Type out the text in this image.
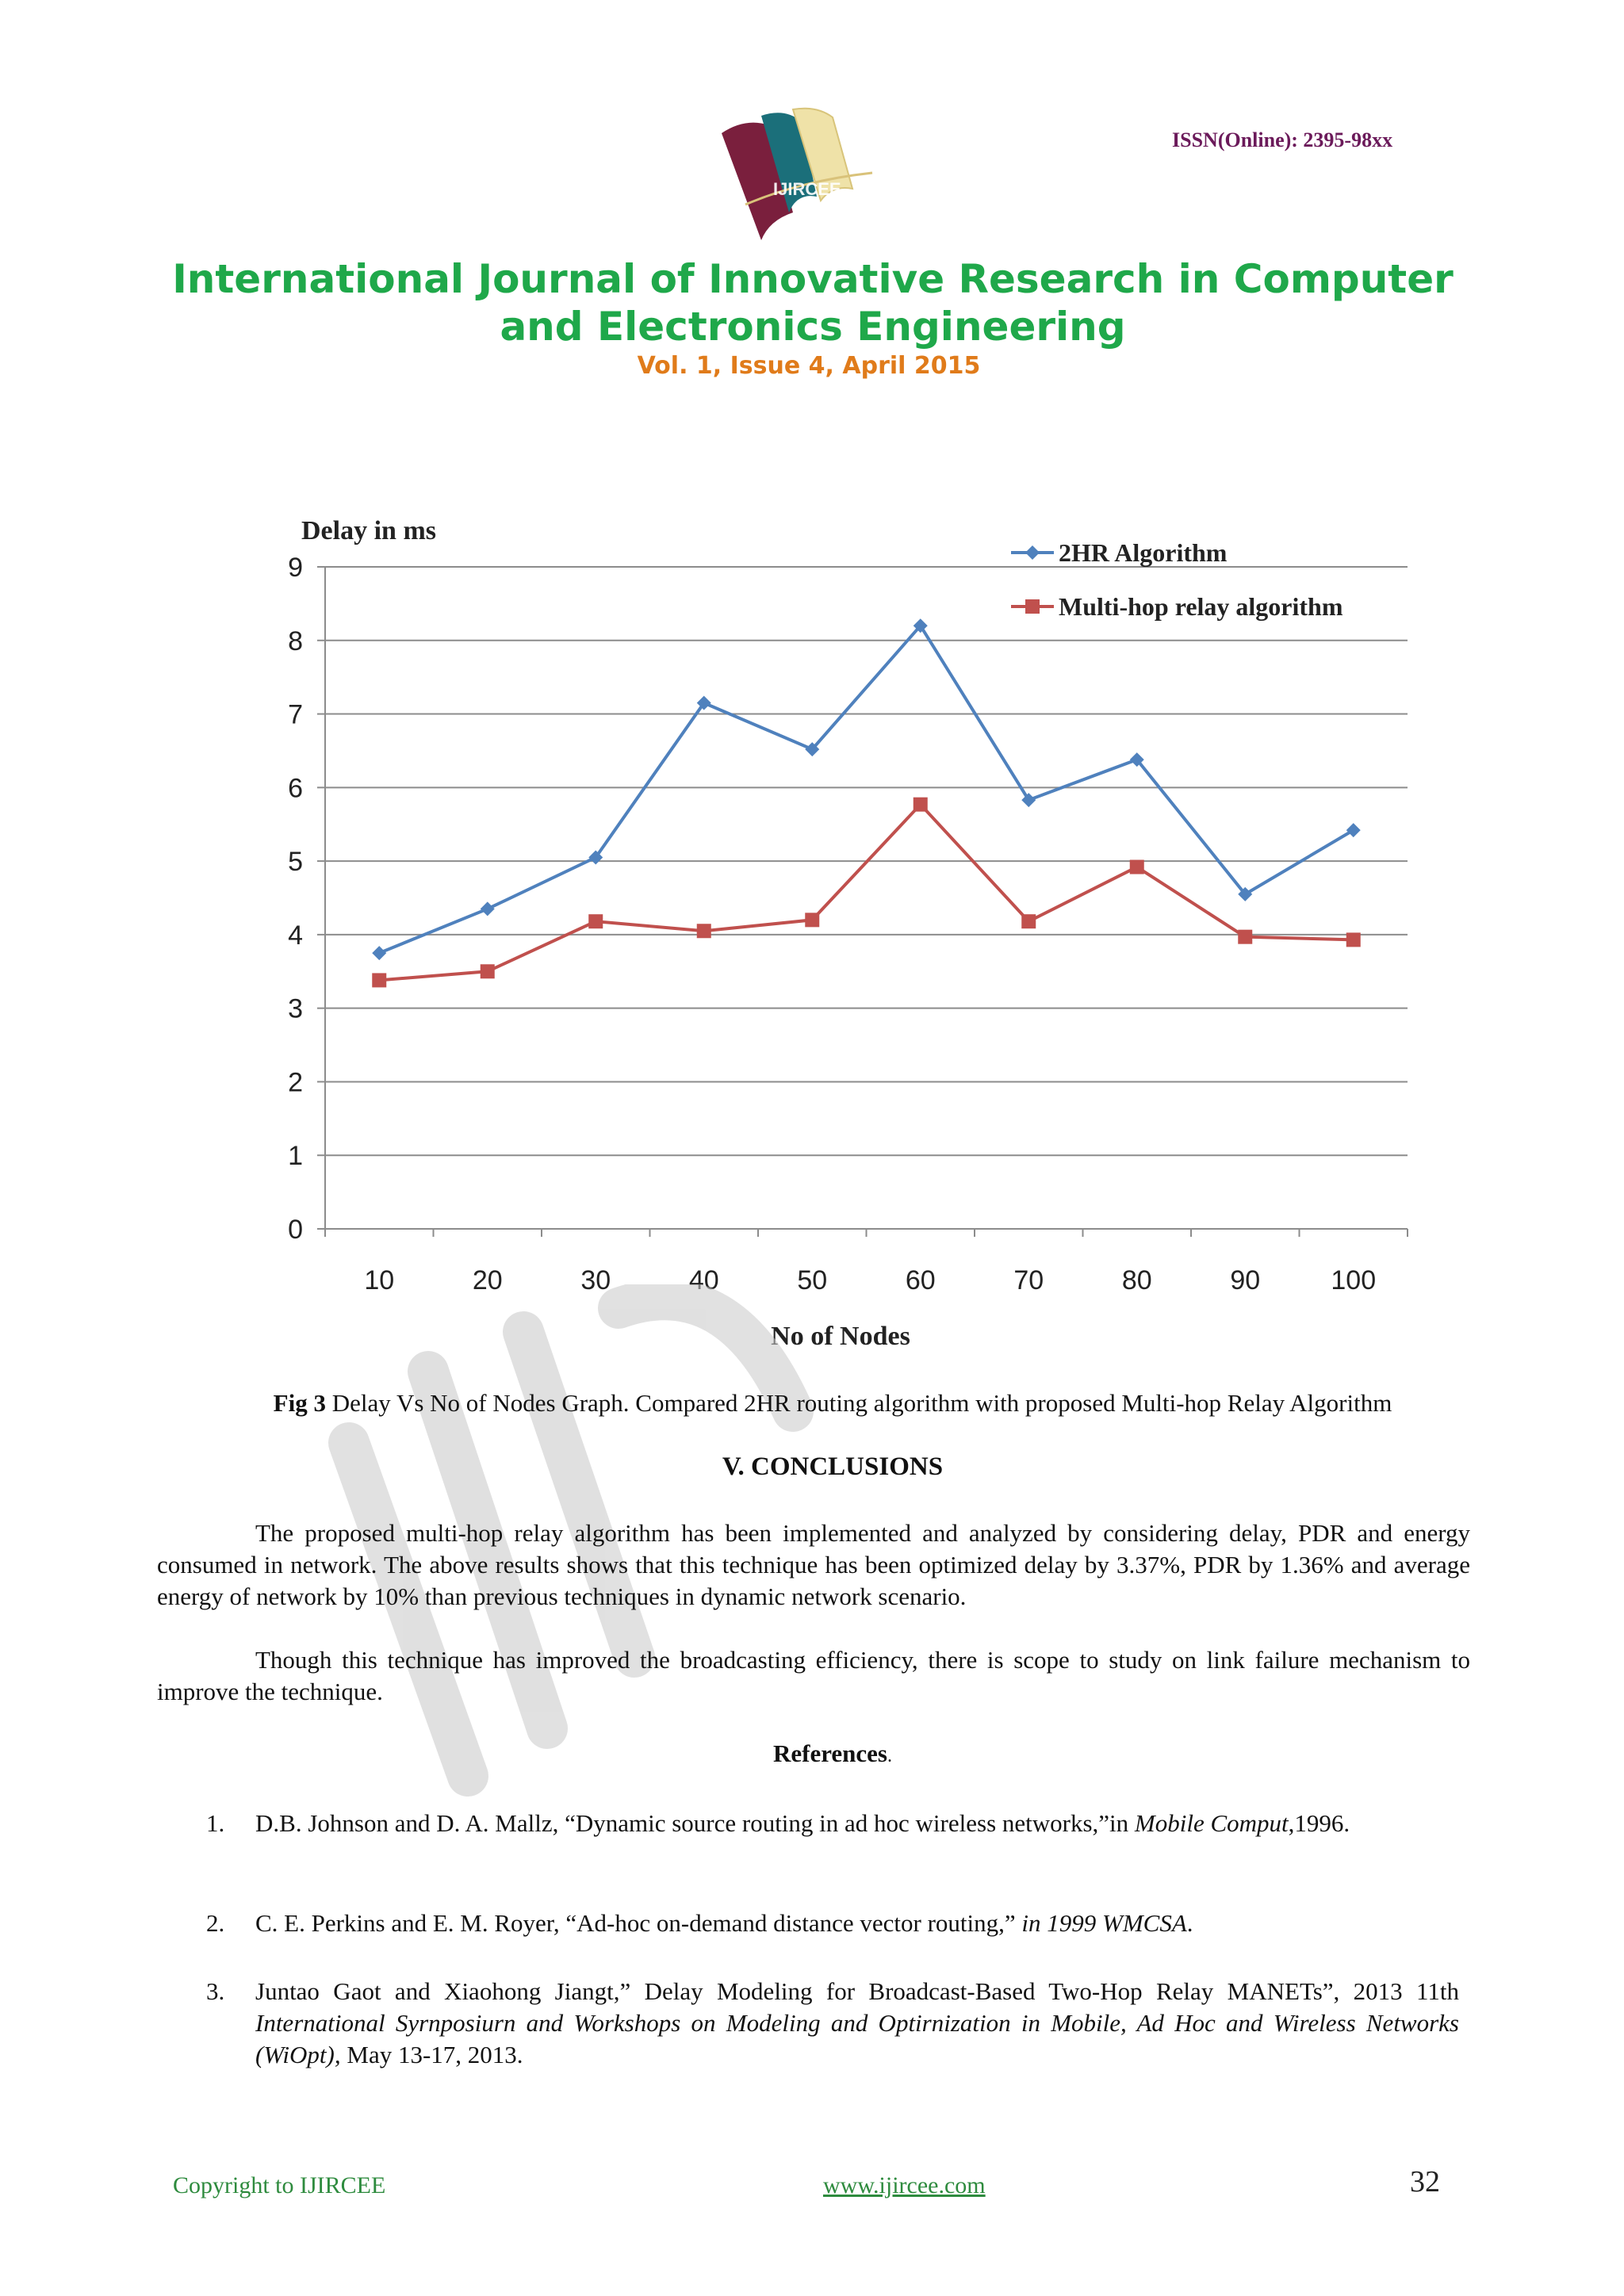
IJIRCEE
ISSN(Online): 2395-98xx
International Journal of Innovative Research in Computer
and Electronics Engineering
Vol. 1, Issue 4, April 2015
0
1
2
3
4
5
6
7
8
9
10	20	30	40	50	60	70	80	90	100
2HR Algorithm
Multi-hop relay algorithm
Delay in ms
No of Nodes
Fig 3 Delay Vs No of Nodes Graph. Compared 2HR routing algorithm with proposed Multi-hop Relay Algorithm
V. CONCLUSIONS
The proposed multi-hop relay algorithm has been implemented and analyzed by considering delay, PDR and energy consumed in network. The above results shows that this technique has been optimized delay by 3.37%, PDR by 1.36% and average energy of network by 10% than previous techniques in dynamic network scenario.
Though this technique has improved the broadcasting efficiency, there is scope to study on link failure mechanism to improve the technique.
References.
1. D.B. Johnson and D. A. Mallz, “Dynamic source routing in ad hoc wireless networks,”in Mobile Comput,1996.
2. C. E. Perkins and E. M. Royer, “Ad-hoc on-demand distance vector routing,” in 1999 WMCSA.
3. Juntao Gaot and Xiaohong Jiangt,” Delay Modeling for Broadcast-Based Two-Hop Relay MANETs”, 2013 11th International Syrnposiurn and Workshops on Modeling and Optirnization in Mobile, Ad Hoc and Wireless Networks (WiOpt), May 13-17, 2013.
Copyright to IJIRCEE	www.ijircee.com	32
